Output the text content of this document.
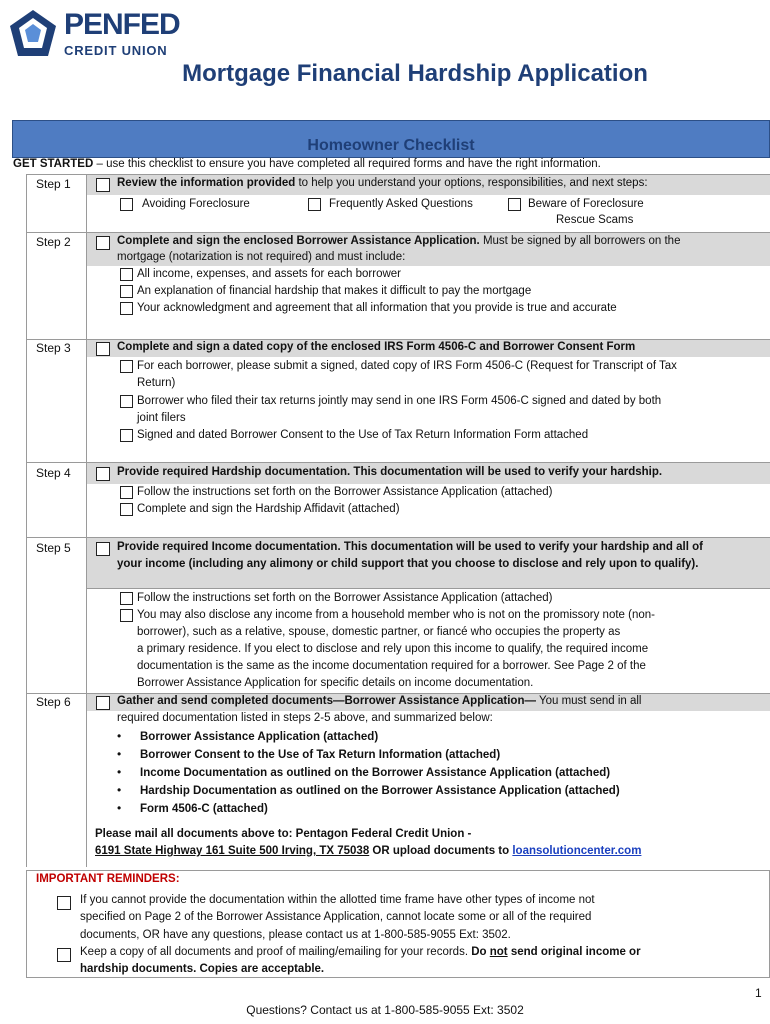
PENFED
CREDIT UNION
Mortgage Financial Hardship Application
Homeowner Checklist
GET STARTED – use this checklist to ensure you have completed all required forms and have the right information.
Step 1	Review the information provided to help you understand your options, responsibilities, and next steps:
Avoiding Foreclosure	Frequently Asked Questions	Beware of Foreclosure
Rescue Scams
Step 2	Complete and sign the enclosed Borrower Assistance Application. Must be signed by all borrowers on the
mortgage (notarization is not required) and must include:
All income, expenses, and assets for each borrower
An explanation of financial hardship that makes it difficult to pay the mortgage
Your acknowledgment and agreement that all information that you provide is true and accurate
Step 3	Complete and sign a dated copy of the enclosed IRS Form 4506-C and Borrower Consent Form
For each borrower, please submit a signed, dated copy of IRS Form 4506-C (Request for Transcript of Tax
Return)
Borrower who filed their tax returns jointly may send in one IRS Form 4506-C signed and dated by both
joint filers
Signed and dated Borrower Consent to the Use of Tax Return Information Form attached
Step 4	Provide required Hardship documentation. This documentation will be used to verify your hardship.
Follow the instructions set forth on the Borrower Assistance Application (attached)
Complete and sign the Hardship Affidavit (attached)
Step 5	Provide required Income documentation. This documentation will be used to verify your hardship and all of
your income (including any alimony or child support that you choose to disclose and rely upon to qualify).
Follow the instructions set forth on the Borrower Assistance Application (attached)
You may also disclose any income from a household member who is not on the promissory note (non-
borrower), such as a relative, spouse, domestic partner, or fiancé who occupies the property as
a primary residence. If you elect to disclose and rely upon this income to qualify, the required income
documentation is the same as the income documentation required for a borrower. See Page 2 of the
Borrower Assistance Application for specific details on income documentation.
Step 6	Gather and send completed documents—Borrower Assistance Application— You must send in all
required documentation listed in steps 2-5 above, and summarized below:
• Borrower Assistance Application (attached)
• Borrower Consent to the Use of Tax Return Information (attached)
• Income Documentation as outlined on the Borrower Assistance Application (attached)
• Hardship Documentation as outlined on the Borrower Assistance Application (attached)
• Form 4506-C (attached)
Please mail all documents above to: Pentagon Federal Credit Union -
6191 State Highway 161 Suite 500 Irving, TX 75038 OR upload documents to loansolutioncenter.com
IMPORTANT REMINDERS:
If you cannot provide the documentation within the allotted time frame have other types of income not
specified on Page 2 of the Borrower Assistance Application, cannot locate some or all of the required
documents, OR have any questions, please contact us at 1-800-585-9055 Ext: 3502.
Keep a copy of all documents and proof of mailing/emailing for your records. Do not send original income or
hardship documents. Copies are acceptable.
1
Questions? Contact us at 1-800-585-9055 Ext: 3502
